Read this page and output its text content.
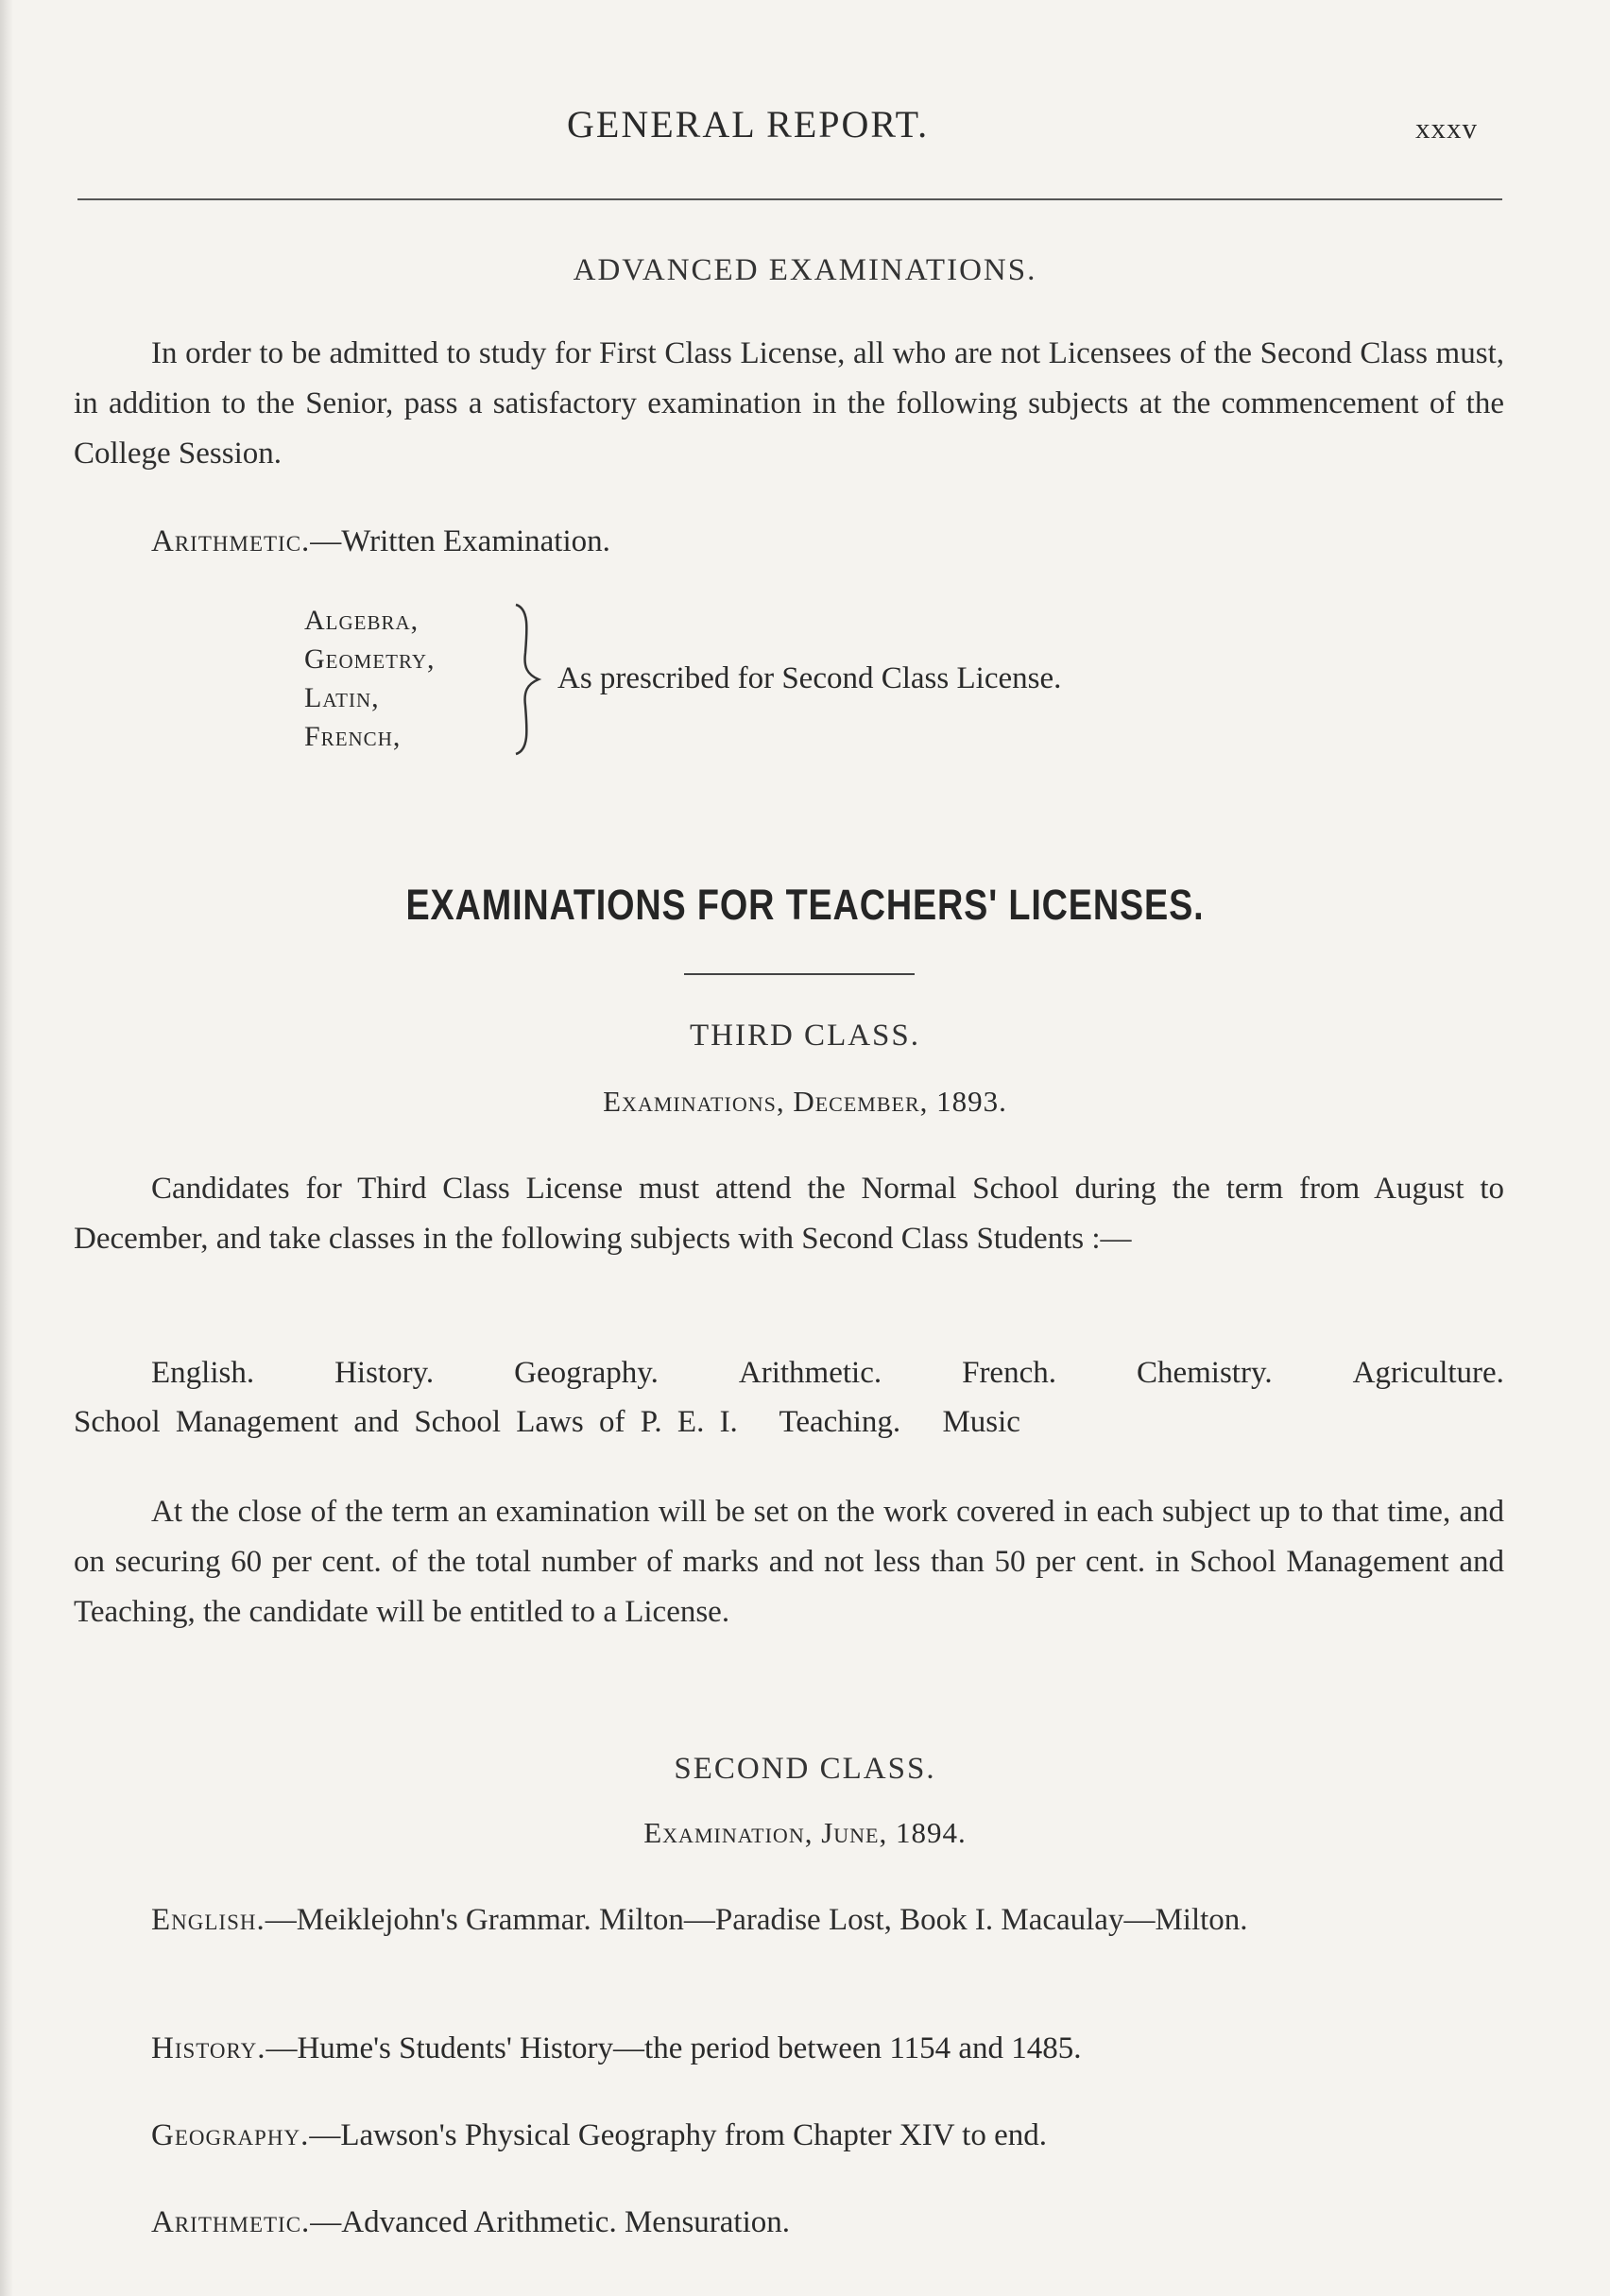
GENERAL REPORT.	xxxv
ADVANCED EXAMINATIONS.
In order to be admitted to study for First Class License, all who are not Licensees of the Second Class must, in addition to the Senior, pass a satisfactory examination in the following subjects at the commencement of the College Session.
Arithmetic.—Written Examination.
Algebra,
Geometry,
Latin,
French,
As prescribed for Second Class License.
EXAMINATIONS FOR TEACHERS' LICENSES.
THIRD CLASS.
Examinations, December, 1893.
Candidates for Third Class License must attend the Normal School during the term from August to December, and take classes in the following subjects with Second Class Students :—
English.	History.	Geography.	Arithmetic.	French.	Chemistry.	Agriculture.
School Management and School Laws of P. E. I. Teaching. Music
At the close of the term an examination will be set on the work covered in each subject up to that time, and on securing 60 per cent. of the total number of marks and not less than 50 per cent. in School Management and Teaching, the candidate will be entitled to a License.
SECOND CLASS.
Examination, June, 1894.
English.—Meiklejohn's Grammar. Milton—Paradise Lost, Book I. Macaulay—Milton.
History.—Hume's Students' History—the period between 1154 and 1485.
Geography.—Lawson's Physical Geography from Chapter XIV to end.
Arithmetic.—Advanced Arithmetic. Mensuration.
